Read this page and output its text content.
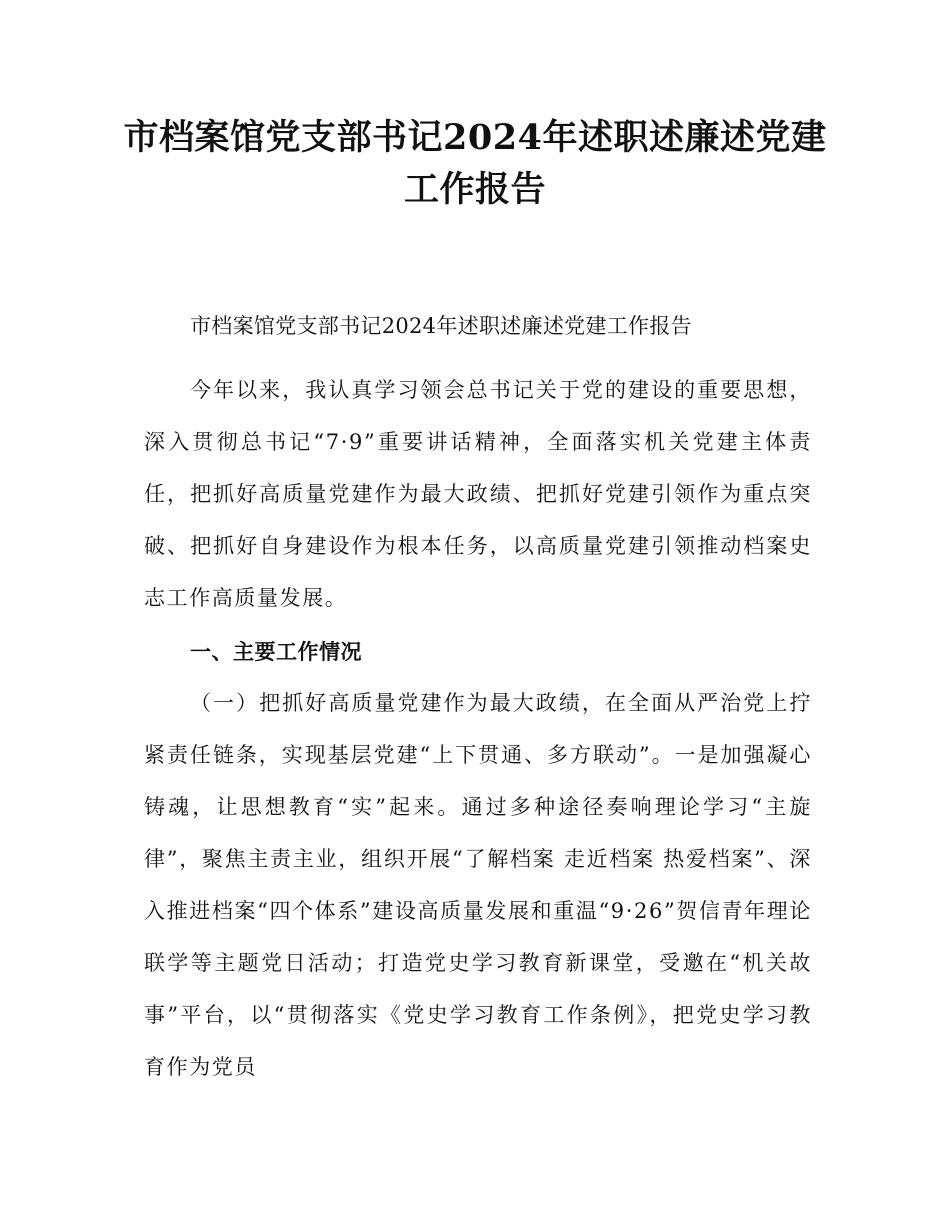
市档案馆党支部书记2024年述职述廉述党建工作报告

市档案馆党支部书记2024年述职述廉述党建工作报告

今年以来，我认真学习领会总书记关于党的建设的重要思想，深入贯彻总书记“7·9”重要讲话精神，全面落实机关党建主体责任，把抓好高质量党建作为最大政绩、把抓好党建引领作为重点突破、把抓好自身建设作为根本任务，以高质量党建引领推动档案史志工作高质量发展。

一、主要工作情况

（一）把抓好高质量党建作为最大政绩，在全面从严治党上拧紧责任链条，实现基层党建“上下贯通、多方联动”。一是加强凝心铸魂，让思想教育“实”起来。通过多种途径奏响理论学习“主旋律”，聚焦主责主业，组织开展“了解档案 走近档案 热爱档案”、深入推进档案“四个体系”建设高质量发展和重温“9·26”贺信青年理论联学等主题党日活动；打造党史学习教育新课堂，受邀在“机关故事”平台，以“贯彻落实《党史学习教育工作条例》，把党史学习教育作为党员
